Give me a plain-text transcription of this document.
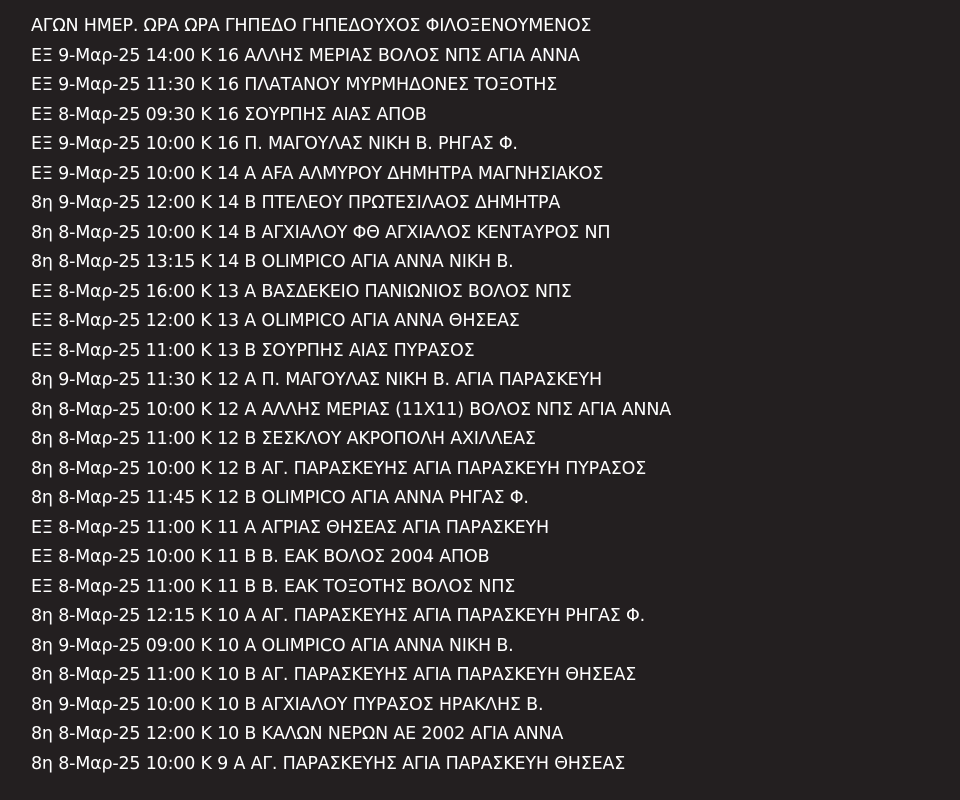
ΑΓΩΝ ΗΜΕΡ. ΩΡΑ ΩΡΑ ΓΗΠΕΔΟ ΓΗΠΕΔΟΥΧΟΣ ΦΙΛΟΞΕΝΟΥΜΕΝΟΣ
ΕΞ 9-Μαρ-25 14:00 Κ 16 ΑΛΛΗΣ ΜΕΡΙΑΣ ΒΟΛΟΣ ΝΠΣ ΑΓΙΑ ΑΝΝΑ
ΕΞ 9-Μαρ-25 11:30 Κ 16 ΠΛΑΤΑΝΟΥ ΜΥΡΜΗΔΟΝΕΣ ΤΟΞΟΤΗΣ
ΕΞ 8-Μαρ-25 09:30 Κ 16 ΣΟΥΡΠΗΣ ΑΙΑΣ ΑΠΟΒ
ΕΞ 9-Μαρ-25 10:00 Κ 16 Π. ΜΑΓΟΥΛΑΣ ΝΙΚΗ Β. ΡΗΓΑΣ Φ.
ΕΞ 9-Μαρ-25 10:00 Κ 14 Α ΑFA ΑΛΜΥΡΟΥ ΔΗΜΗΤΡΑ ΜΑΓΝΗΣΙΑΚΟΣ
8η 9-Μαρ-25 12:00 Κ 14 Β ΠΤΕΛΕΟΥ ΠΡΩΤΕΣΙΛΑΟΣ ΔΗΜΗΤΡΑ
8η 8-Μαρ-25 10:00 Κ 14 Β ΑΓΧΙΑΛΟΥ ΦΘ ΑΓΧΙΑΛΟΣ ΚΕΝΤΑΥΡΟΣ ΝΠ
8η 8-Μαρ-25 13:15 Κ 14 Β OLIMPICO ΑΓΙΑ ΑΝΝΑ ΝΙΚΗ Β.
ΕΞ 8-Μαρ-25 16:00 Κ 13 Α ΒΑΣΔΕΚΕΙΟ ΠΑΝΙΩΝΙΟΣ ΒΟΛΟΣ ΝΠΣ
ΕΞ 8-Μαρ-25 12:00 Κ 13 Α OLIMPICO ΑΓΙΑ ΑΝΝΑ ΘΗΣΕΑΣ
ΕΞ 8-Μαρ-25 11:00 Κ 13 Β ΣΟΥΡΠΗΣ ΑΙΑΣ ΠΥΡΑΣΟΣ
8η 9-Μαρ-25 11:30 Κ 12 Α Π. ΜΑΓΟΥΛΑΣ ΝΙΚΗ Β. ΑΓΙΑ ΠΑΡΑΣΚΕΥΗ
8η 8-Μαρ-25 10:00 Κ 12 Α ΑΛΛΗΣ ΜΕΡΙΑΣ (11Χ11) ΒΟΛΟΣ ΝΠΣ ΑΓΙΑ ΑΝΝΑ
8η 8-Μαρ-25 11:00 Κ 12 Β ΣΕΣΚΛΟΥ ΑΚΡΟΠΟΛΗ ΑΧΙΛΛΕΑΣ
8η 8-Μαρ-25 10:00 Κ 12 Β ΑΓ. ΠΑΡΑΣΚΕΥΗΣ ΑΓΙΑ ΠΑΡΑΣΚΕΥΗ ΠΥΡΑΣΟΣ
8η 8-Μαρ-25 11:45 Κ 12 Β OLIMPICO ΑΓΙΑ ΑΝΝΑ ΡΗΓΑΣ Φ.
ΕΞ 8-Μαρ-25 11:00 Κ 11 Α ΑΓΡΙΑΣ ΘΗΣΕΑΣ ΑΓΙΑ ΠΑΡΑΣΚΕΥΗ
ΕΞ 8-Μαρ-25 10:00 Κ 11 Β Β. ΕΑΚ ΒΟΛΟΣ 2004 ΑΠΟΒ
ΕΞ 8-Μαρ-25 11:00 Κ 11 Β Β. ΕΑΚ ΤΟΞΟΤΗΣ ΒΟΛΟΣ ΝΠΣ
8η 8-Μαρ-25 12:15 Κ 10 Α ΑΓ. ΠΑΡΑΣΚΕΥΗΣ ΑΓΙΑ ΠΑΡΑΣΚΕΥΗ ΡΗΓΑΣ Φ.
8η 9-Μαρ-25 09:00 Κ 10 Α OLIMPICO ΑΓΙΑ ΑΝΝΑ ΝΙΚΗ Β.
8η 8-Μαρ-25 11:00 Κ 10 Β ΑΓ. ΠΑΡΑΣΚΕΥΗΣ ΑΓΙΑ ΠΑΡΑΣΚΕΥΗ ΘΗΣΕΑΣ
8η 9-Μαρ-25 10:00 Κ 10 Β ΑΓΧΙΑΛΟΥ ΠΥΡΑΣΟΣ ΗΡΑΚΛΗΣ Β.
8η 8-Μαρ-25 12:00 Κ 10 Β ΚΑΛΩΝ ΝΕΡΩΝ ΑΕ 2002 ΑΓΙΑ ΑΝΝΑ
8η 8-Μαρ-25 10:00 Κ 9 Α ΑΓ. ΠΑΡΑΣΚΕΥΗΣ ΑΓΙΑ ΠΑΡΑΣΚΕΥΗ ΘΗΣΕΑΣ
